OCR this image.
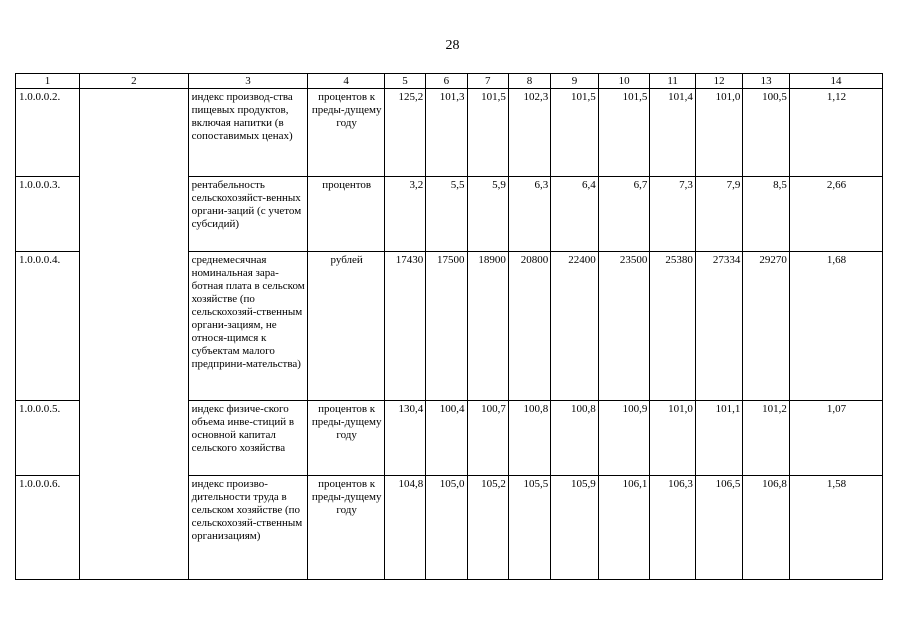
28
1	2	3	4	5	6	7	8	9	10	11	12	13	14
1.0.0.0.2.		индекс производ-ства пищевых продуктов, включая напитки (в сопоставимых ценах)	процентов к преды-дущему году	125,2	101,3	101,5	102,3	101,5	101,5	101,4	101,0	100,5	1,12
1.0.0.0.3.		рентабельность сельскохозяйст-венных органи-заций (с учетом субсидий)	процентов	3,2	5,5	5,9	6,3	6,4	6,7	7,3	7,9	8,5	2,66
1.0.0.0.4.		среднемесячная номинальная зара-ботная плата в сельском хозяйстве (по сельскохозяй-ственным органи-зациям, не относя-щимся к субъектам малого предприни-мательства)	рублей	17430	17500	18900	20800	22400	23500	25380	27334	29270	1,68
1.0.0.0.5.		индекс физиче-ского объема инве-стиций в основной капитал сельского хозяйства	процентов к преды-дущему году	130,4	100,4	100,7	100,8	100,8	100,9	101,0	101,1	101,2	1,07
1.0.0.0.6.		индекс произво-дительности труда в сельском хозяйстве (по сельскохозяй-ственным организациям)	процентов к преды-дущему году	104,8	105,0	105,2	105,5	105,9	106,1	106,3	106,5	106,8	1,58
